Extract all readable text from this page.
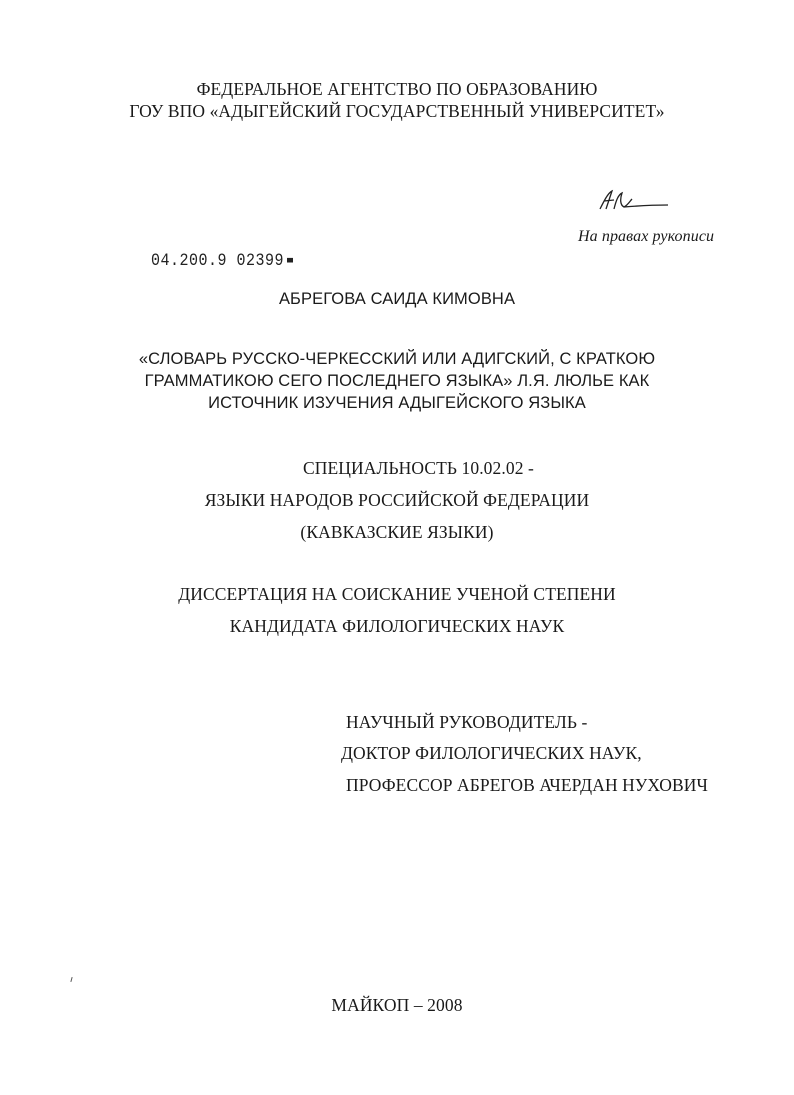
ФЕДЕРАЛЬНОЕ АГЕНТСТВО ПО ОБРАЗОВАНИЮ
ГОУ ВПО «АДЫГЕЙСКИЙ ГОСУДАРСТВЕННЫЙ УНИВЕРСИТЕТ»
На правах рукописи
04.200.9 02399
АБРЕГОВА САИДА КИМОВНА
«СЛОВАРЬ РУССКО-ЧЕРКЕССКИЙ ИЛИ АДИГСКИЙ, С КРАТКОЮ
ГРАММАТИКОЮ СЕГО ПОСЛЕДНЕГО ЯЗЫКА» Л.Я. ЛЮЛЬЕ КАК
ИСТОЧНИК ИЗУЧЕНИЯ АДЫГЕЙСКОГО ЯЗЫКА
СПЕЦИАЛЬНОСТЬ 10.02.02 -
ЯЗЫКИ НАРОДОВ РОССИЙСКОЙ ФЕДЕРАЦИИ
(КАВКАЗСКИЕ ЯЗЫКИ)
ДИССЕРТАЦИЯ НА СОИСКАНИЕ УЧЕНОЙ СТЕПЕНИ
КАНДИДАТА ФИЛОЛОГИЧЕСКИХ НАУК
НАУЧНЫЙ РУКОВОДИТЕЛЬ -
ДОКТОР ФИЛОЛОГИЧЕСКИХ НАУК,
ПРОФЕССОР АБРЕГОВ АЧЕРДАН НУХОВИЧ
МАЙКОП – 2008
